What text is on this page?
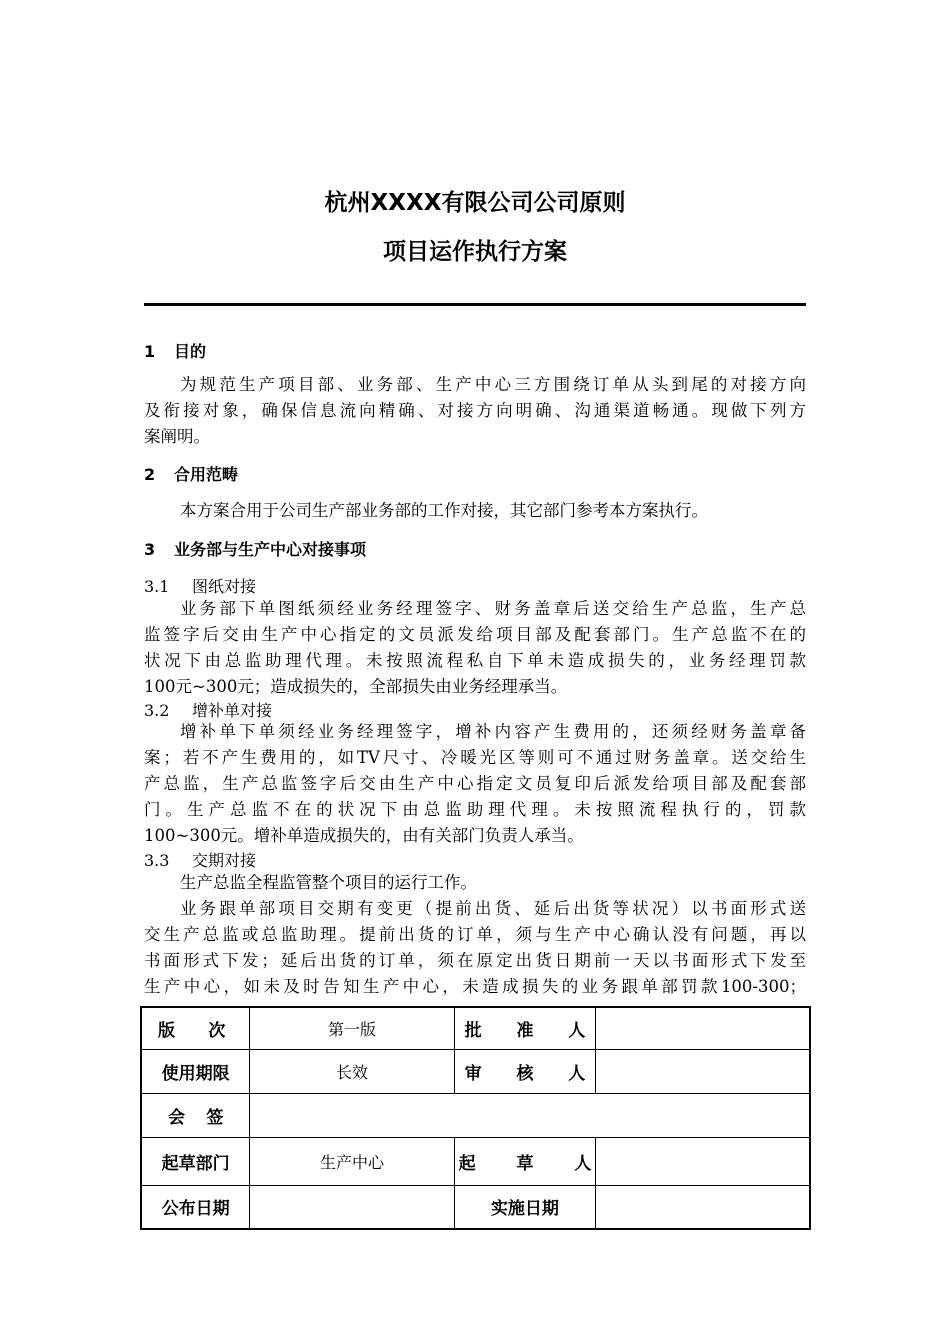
杭州XXXX有限公司公司原则
项目运作执行方案
1 目的
为规范生产项目部、业务部、生产中心三方围绕订单从头到尾的对接方向
及衔接对象，确保信息流向精确、对接方向明确、沟通渠道畅通。现做下列方
案阐明。
2 合用范畴
本方案合用于公司生产部业务部的工作对接，其它部门参考本方案执行。
3 业务部与生产中心对接事项
3.1 图纸对接
业务部下单图纸须经业务经理签字、财务盖章后送交给生产总监，生产总
监签字后交由生产中心指定的文员派发给项目部及配套部门。生产总监不在的
状况下由总监助理代理。未按照流程私自下单未造成损失的，业务经理罚款
100元~300元；造成损失的，全部损失由业务经理承当。
3.2 增补单对接
增补单下单须经业务经理签字，增补内容产生费用的，还须经财务盖章备
案；若不产生费用的，如TV尺寸、冷暖光区等则可不通过财务盖章。送交给生
产总监，生产总监签字后交由生产中心指定文员复印后派发给项目部及配套部
门。生产总监不在的状况下由总监助理代理。未按照流程执行的，罚款
100~300元。增补单造成损失的，由有关部门负责人承当。
3.3 交期对接
生产总监全程监管整个项目的运行工作。
业务跟单部项目交期有变更（提前出货、延后出货等状况）以书面形式送
交生产总监或总监助理。提前出货的订单，须与生产中心确认没有问题，再以
书面形式下发；延后出货的订单，须在原定出货日期前一天以书面形式下发至
生产中心，如未及时告知生产中心，未造成损失的业务跟单部罚款100-300；
版次	第一版	批准人	

使用期限	长效	审核人	

会签			

起草部门	生产中心	起草人	

公布日期		实施日期	
